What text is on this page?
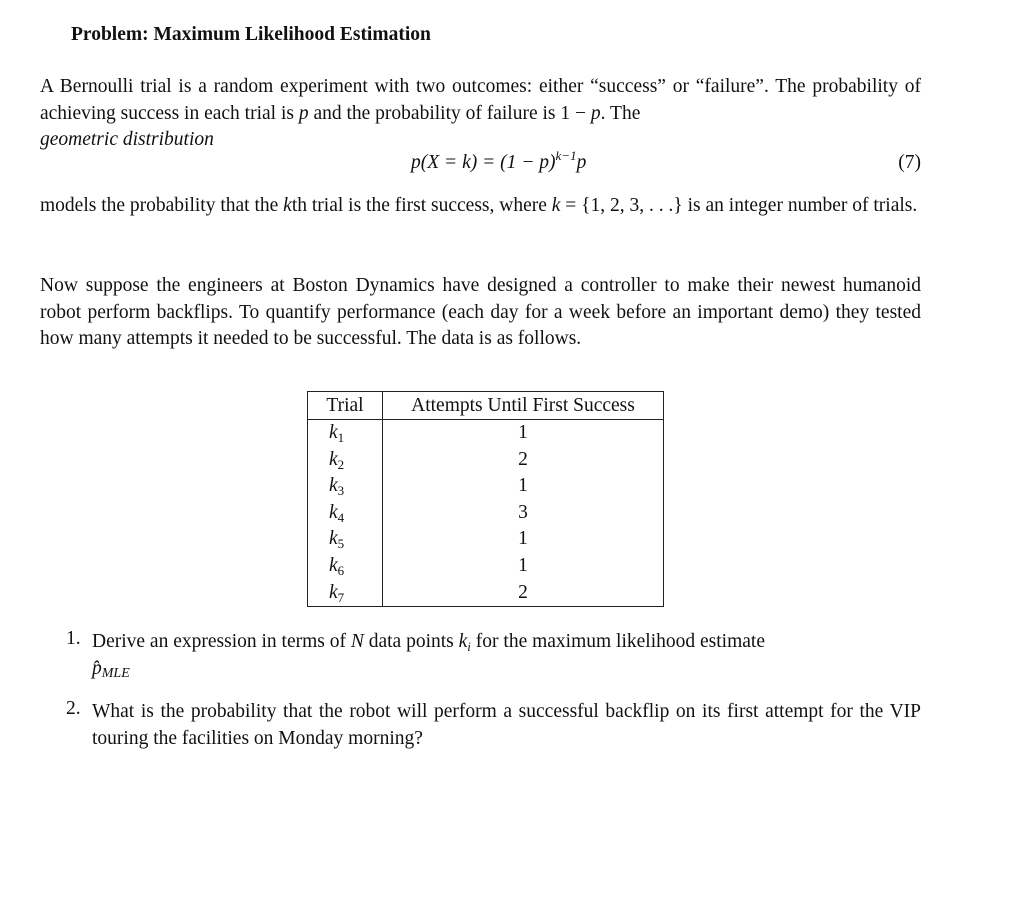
Problem: Maximum Likelihood Estimation

A Bernoulli trial is a random experiment with two outcomes: either “success” or “failure”. The probability of achieving success in each trial is p and the probability of failure is 1 − p. The
geometric distribution

$p(X = k) = (1 - p)^{k-1}p$	(7)

models the probability that the kth trial is the first success, where k = {1, 2, 3, . . .} is an integer number of trials.

Now suppose the engineers at Boston Dynamics have designed a controller to make their newest humanoid robot perform backflips. To quantify performance (each day for a week before an important demo) they tested how many attempts it needed to be successful. The data is as follows.

Trial	Attempts Until First Success
$k_1$	1
$k_2$	2
$k_3$	1
$k_4$	3
$k_5$	1
$k_6$	1
$k_7$	2
1. Derive an expression in terms of N data points $k_i$ for the maximum likelihood estimate
p̂MLE
2. What is the probability that the robot will perform a successful backflip on its first attempt for the VIP touring the facilities on Monday morning?
